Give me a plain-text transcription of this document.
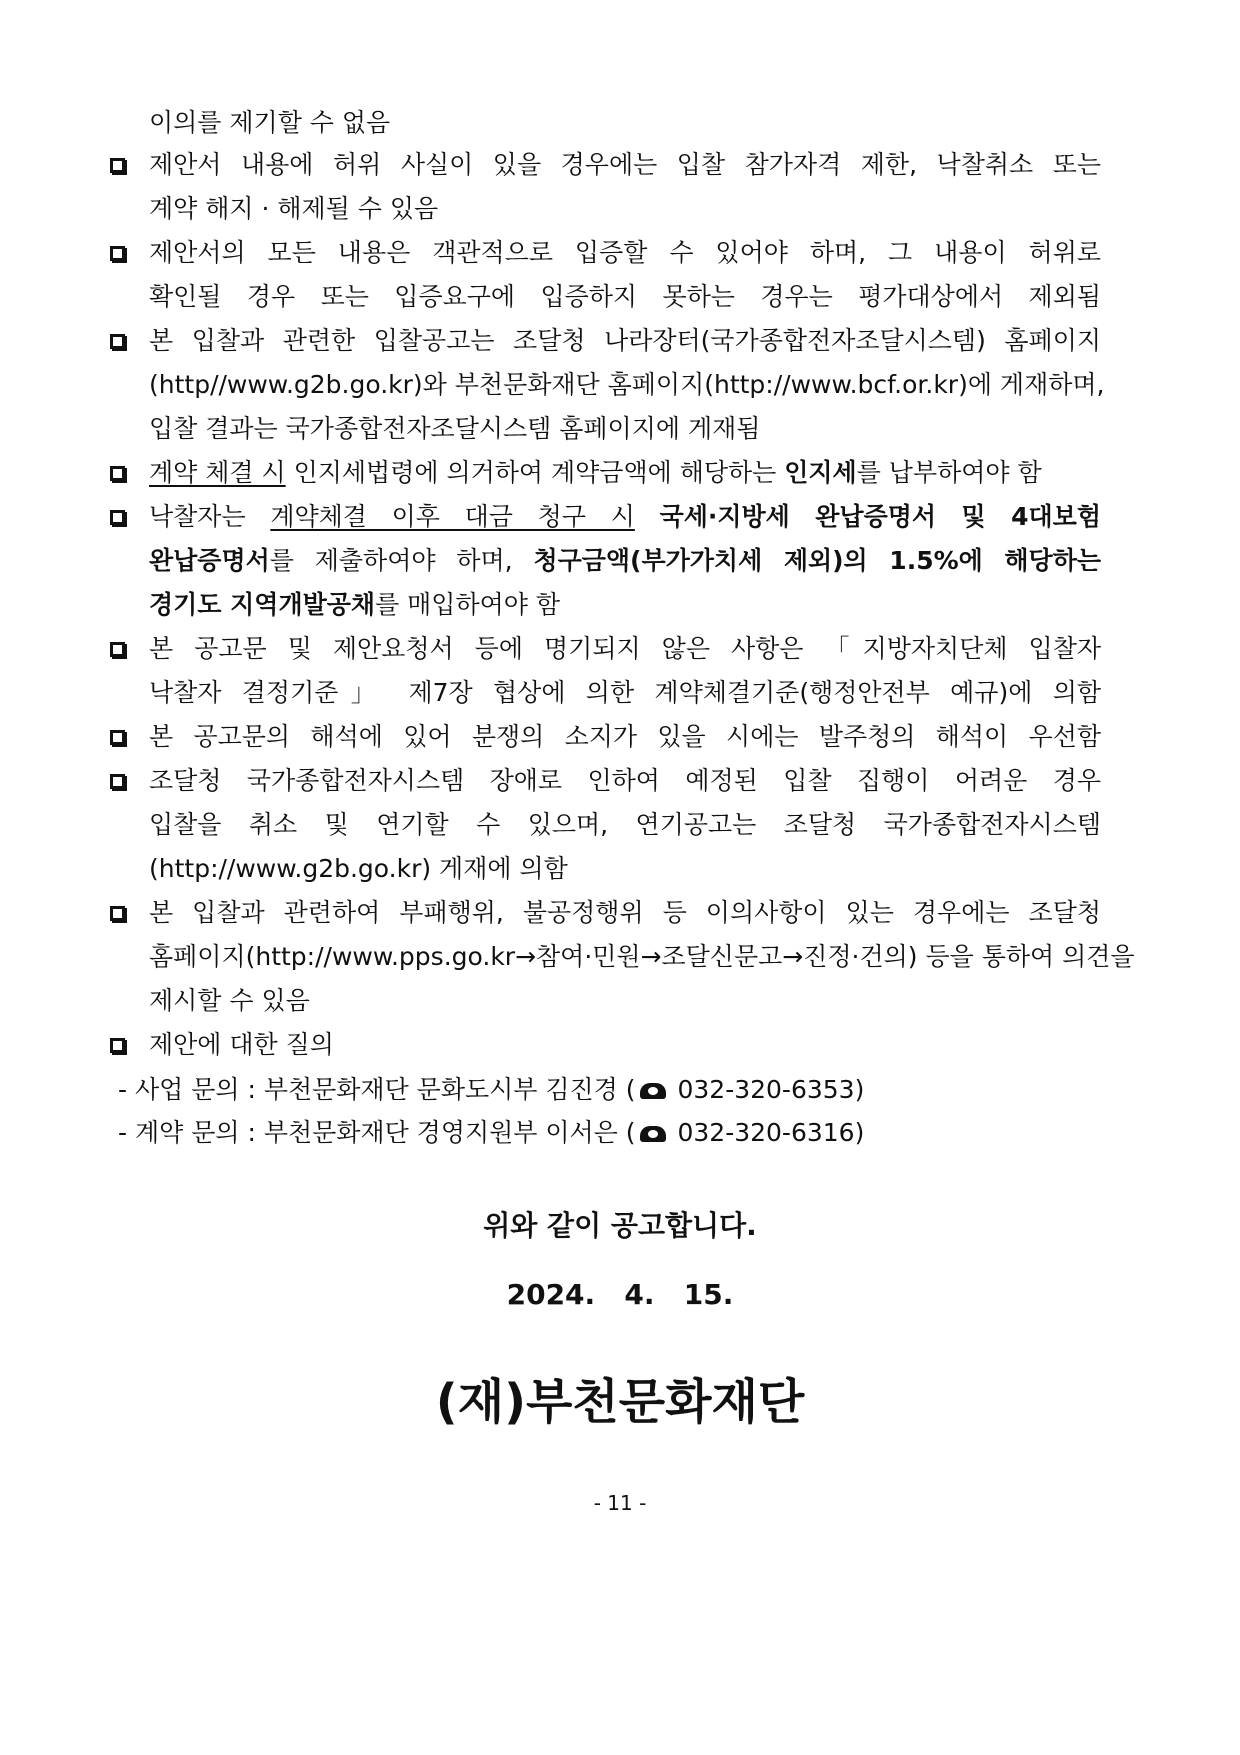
이의를 제기할 수 없음
제안서 내용에 허위 사실이 있을 경우에는 입찰 참가자격 제한, 낙찰취소 또는
계약 해지 · 해제될 수 있음
제안서의 모든 내용은 객관적으로 입증할 수 있어야 하며, 그 내용이 허위로
확인될 경우 또는 입증요구에 입증하지 못하는 경우는 평가대상에서 제외됨
본 입찰과 관련한 입찰공고는 조달청 나라장터(국가종합전자조달시스템) 홈페이지
(http//www.g2b.go.kr)와 부천문화재단 홈페이지(http://www.bcf.or.kr)에 게재하며,
입찰 결과는 국가종합전자조달시스템 홈페이지에 게재됨
계약 체결 시 인지세법령에 의거하여 계약금액에 해당하는 인지세를 납부하여야 함
낙찰자는 계약체결 이후 대금 청구 시 국세·지방세 완납증명서 및 4대보험
완납증명서를 제출하여야 하며, 청구금액(부가가치세 제외)의 1.5%에 해당하는
경기도 지역개발공채를 매입하여야 함
본 공고문 및 제안요청서 등에 명기되지 않은 사항은 「지방자치단체 입찰자
낙찰자 결정기준」 제7장 협상에 의한 계약체결기준(행정안전부 예규)에 의함
본 공고문의 해석에 있어 분쟁의 소지가 있을 시에는 발주청의 해석이 우선함
조달청 국가종합전자시스템 장애로 인하여 예정된 입찰 집행이 어려운 경우
입찰을 취소 및 연기할 수 있으며, 연기공고는 조달청 국가종합전자시스템
(http://www.g2b.go.kr) 게재에 의함
본 입찰과 관련하여 부패행위, 불공정행위 등 이의사항이 있는 경우에는 조달청
홈페이지(http://www.pps.go.kr→참여·민원→조달신문고→진정·건의) 등을 통하여 의견을
제시할 수 있음
제안에 대한 질의
- 사업 문의 : 부천문화재단 문화도시부 김진경 ( 032-320-6353)
- 계약 문의 : 부천문화재단 경영지원부 이서은 ( 032-320-6316)
위와 같이 공고합니다.
2024.   4.   15.
(재)부천문화재단
- 11 -
